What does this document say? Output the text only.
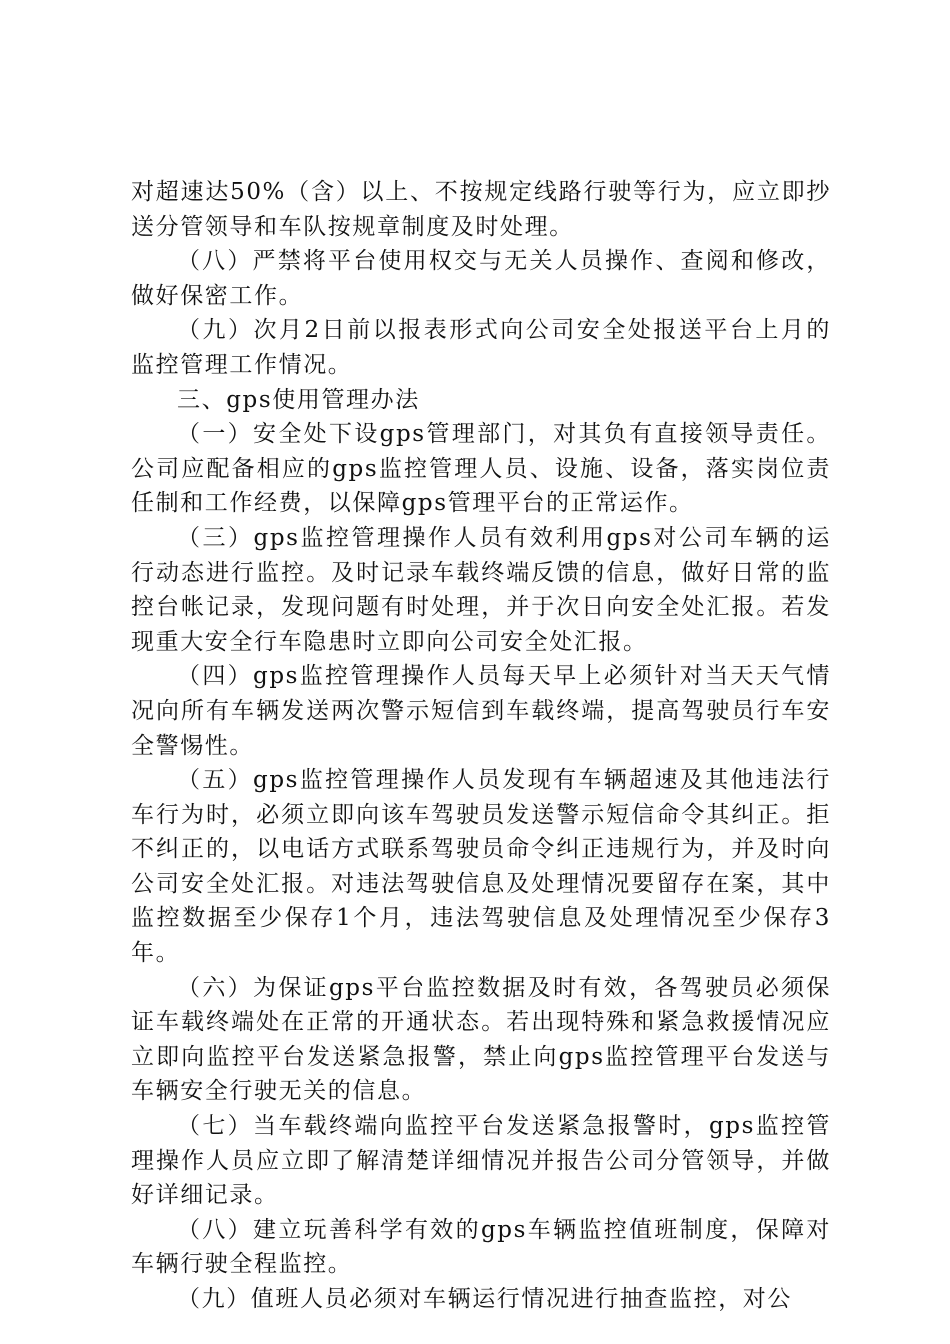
对超速达50%（含）以上、不按规定线路行驶等行为，应立即抄送分管领导和车队按规章制度及时处理。

（八）严禁将平台使用权交与无关人员操作、查阅和修改，做好保密工作。

（九）次月2日前以报表形式向公司安全处报送平台上月的监控管理工作情况。

三、gps使用管理办法

（一）安全处下设gps管理部门，对其负有直接领导责任。公司应配备相应的gps监控管理人员、设施、设备，落实岗位责任制和工作经费，以保障gps管理平台的正常运作。

（三）gps监控管理操作人员有效利用gps对公司车辆的运行动态进行监控。及时记录车载终端反馈的信息，做好日常的监控台帐记录，发现问题有时处理，并于次日向安全处汇报。若发现重大安全行车隐患时立即向公司安全处汇报。

（四）gps监控管理操作人员每天早上必须针对当天天气情况向所有车辆发送两次警示短信到车载终端，提高驾驶员行车安全警惕性。

（五）gps监控管理操作人员发现有车辆超速及其他违法行车行为时，必须立即向该车驾驶员发送警示短信命令其纠正。拒不纠正的，以电话方式联系驾驶员命令纠正违规行为，并及时向公司安全处汇报。对违法驾驶信息及处理情况要留存在案，其中监控数据至少保存1个月，违法驾驶信息及处理情况至少保存3年。

（六）为保证gps平台监控数据及时有效，各驾驶员必须保证车载终端处在正常的开通状态。若出现特殊和紧急救援情况应立即向监控平台发送紧急报警，禁止向gps监控管理平台发送与车辆安全行驶无关的信息。

（七）当车载终端向监控平台发送紧急报警时，gps监控管理操作人员应立即了解清楚详细情况并报告公司分管领导，并做好详细记录。

（八）建立玩善科学有效的gps车辆监控值班制度，保障对车辆行驶全程监控。

（九）值班人员必须对车辆运行情况进行抽查监控，对公
